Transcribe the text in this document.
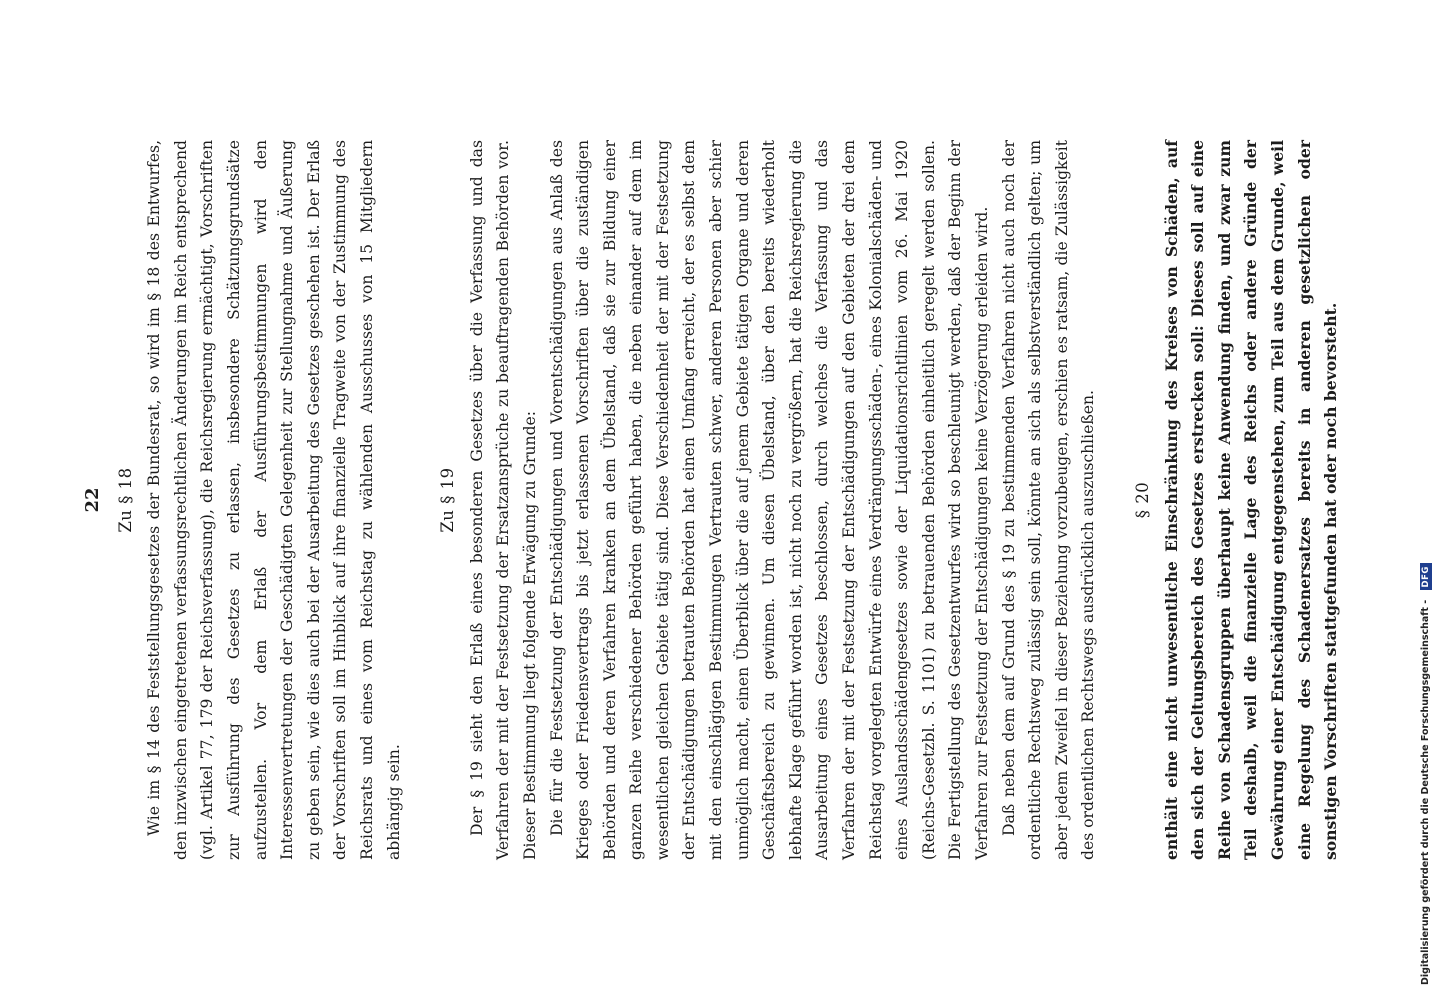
22 Zu § 18 Wie im § 14 des Feststellungsgesetzes der Bundesrat, so wird im § 18 des Entwurfes, den inzwischen eingetretenen verfassungsrechtlichen Änderungen im Reich entsprechend (vgl. Artikel 77, 179 der Reichsverfassung), die Reichsregierung ermächtigt, Vorschriften zur Ausführung des Gesetzes zu erlassen, insbesondere Schätzungsgrundsätze aufzustellen. Vor dem Erlaß der Ausführungsbestimmungen wird den Interessenvertretungen der Geschädigten Gelegenheit zur Stellungnahme und Äußerung zu geben sein, wie dies auch bei der Ausarbeitung des Gesetzes geschehen ist. Der Erlaß der Vorschriften soll im Hinblick auf ihre finanzielle Tragweite von der Zustimmung des Reichsrats und eines vom Reichstag zu wählenden Ausschusses von 15 Mitgliedern abhängig sein.

Zu § 19 Der § 19 sieht den Erlaß eines besonderen Gesetzes über die Verfassung und das Verfahren der mit der Festsetzung der Ersatzansprüche zu beauftragenden Behörden vor. Dieser Bestimmung liegt folgende Erwägung zu Grunde: Die für die Festsetzung der Entschädigungen und Vorentschädigungen aus Anlaß des Krieges oder Friedensvertrags bis jetzt erlassenen Vorschriften über die zuständigen Behörden und deren Verfahren kranken an dem Übelstand, daß sie zur Bildung einer ganzen Reihe verschiedener Behörden geführt haben, die neben einander auf dem im wesentlichen gleichen Gebiete tätig sind. Diese Verschiedenheit der mit der Festsetzung der Entschädigungen betrauten Behörden hat einen Umfang erreicht, der es selbst dem mit den einschlägigen Bestimmungen Vertrauten schwer, anderen Personen aber schier unmöglich macht, einen Überblick über die auf jenem Gebiete tätigen Organe und deren Geschäftsbereich zu gewinnen. Um diesen Übelstand, über den bereits wiederholt lebhafte Klage geführt worden ist, nicht noch zu vergrößern, hat die Reichsregierung die Ausarbeitung eines Gesetzes beschlossen, durch welches die Verfassung und das Verfahren der mit der Festsetzung der Entschädigungen auf den Gebieten der drei dem Reichstag vorgelegten Entwürfe eines Verdrängungsschäden-, eines Kolonialschäden- und eines Auslandsschädengesetzes sowie der Liquidationsrichtlinien vom 26. Mai 1920 (Reichs-Gesetzbl. S. 1101) zu betrauenden Behörden einheitlich geregelt werden sollen. Die Fertigstellung des Gesetzentwurfes wird so beschleunigt werden, daß der Beginn der Verfahren zur Festsetzung der Entschädigungen keine Verzögerung erleiden wird. Daß neben dem auf Grund des § 19 zu bestimmenden Verfahren nicht auch noch der ordentliche Rechtsweg zulässig sein soll, könnte an sich als selbstverständlich gelten; um aber jedem Zweifel in dieser Beziehung vorzubeugen, erschien es ratsam, die Zulässigkeit des ordentlichen Rechtswegs ausdrücklich auszuschließen. § 20 enthält eine nicht unwesentliche Einschränkung des Kreises von Schäden, auf den sich der Geltungsbereich des Gesetzes erstrecken soll: Dieses soll auf eine Reihe von Schadensgruppen überhaupt keine Anwendung finden, und zwar zum Teil deshalb, weil die finanzielle Lage des Reichs oder andere Gründe der Gewährung einer Entschädigung entgegenstehen, zum Teil aus dem Grunde, weil eine Regelung des Schadenersatzes bereits in anderen gesetzlichen oder sonstigen Vorschriften stattgefunden hat oder noch bevorsteht.	Digitalisierung gefördert durch die Deutsche Forschungsgemeinschaft - DFG
